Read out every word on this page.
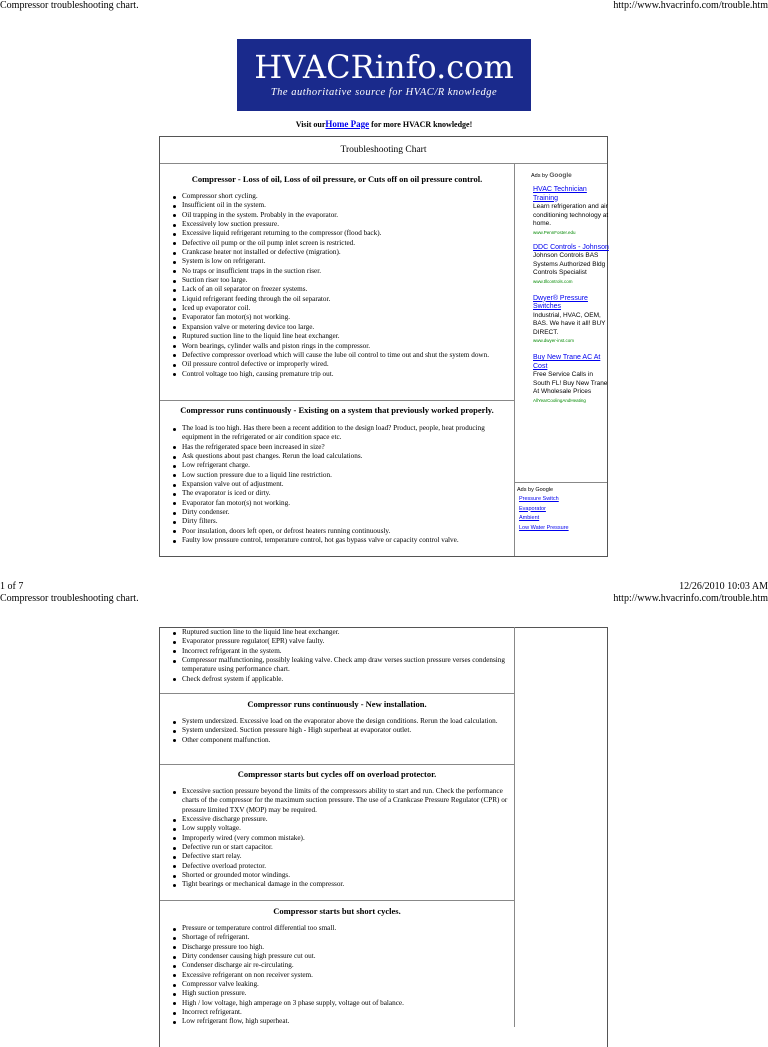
Compressor troubleshooting chart.	http://www.hvacrinfo.com/trouble.htm
HVACRinfo.com
The authoritative source for HVAC/R knowledge
Visit ourHome Page for more HVACR knowledge!
Troubleshooting Chart
Compressor - Loss of oil, Loss of oil pressure, or Cuts off on oil pressure control.
Compressor short cycling.
Insufficient oil in the system.
Oil trapping in the system. Probably in the evaporator.
Excessively low suction pressure.
Excessive liquid refrigerant returning to the compressor (flood back).
Defective oil pump or the oil pump inlet screen is restricted.
Crankcase heater not installed or defective (migration).
System is low on refrigerant.
No traps or insufficient traps in the suction riser.
Suction riser too large.
Lack of an oil separator on freezer systems.
Liquid refrigerant feeding through the oil separator.
Iced up evaporator coil.
Evaporator fan motor(s) not working.
Expansion valve or metering device too large.
Ruptured suction line to the liquid line heat exchanger.
Worn bearings, cylinder walls and piston rings in the compressor.
Defective compressor overload which will cause the lube oil control to time out and shut the system down.
Oil pressure control defective or improperly wired.
Control voltage too high, causing premature trip out.
Compressor runs continuously - Existing on a system that previously worked properly.
The load is too high. Has there been a recent addition to the design load? Product, people, heat producing equipment in the refrigerated or air condition space etc.
Has the refrigerated space been increased in size?
Ask questions about past changes. Rerun the load calculations.
Low refrigerant charge.
Low suction pressure due to a liquid line restriction.
Expansion valve out of adjustment.
The evaporator is iced or dirty.
Evaporator fan motor(s) not working.
Dirty condenser.
Dirty filters.
Poor insulation, doors left open, or defrost heaters running continuously.
Faulty low pressure control, temperature control, hot gas bypass valve or capacity control valve.
Ads by Google
HVAC Technician Training
Learn refrigeration and air conditioning technology at home.
www.PennFoster.edu
DDC Controls - Johnson
Johnson Controls BAS Systems Authorized Bldg Controls Specialist
www.tllcontrols.com
Dwyer® Pressure Switches
Industrial, HVAC, OEM, BAS. We have it all! BUY DIRECT.
www.dwyer-inst.com
Buy New Trane AC At Cost
Free Service Calls in South FL! Buy New Trane At Wholesale Prices
AllYearCoolingAndHeating
Ads by Google
Pressure Switch
Evaporator
Ambient
Low Water Pressure
1 of 7	12/26/2010 10:03 AM
Compressor troubleshooting chart.	http://www.hvacrinfo.com/trouble.htm
Ruptured suction line to the liquid line heat exchanger.
Evaporator pressure regulator( EPR) valve faulty.
Incorrect refrigerant in the system.
Compressor malfunctioning, possibly leaking valve. Check amp draw verses suction pressure verses condensing temperature using performance chart.
Check defrost system if applicable.
Compressor runs continuously - New installation.
System undersized. Excessive load on the evaporator above the design conditions. Rerun the load calculation.
System undersized. Suction pressure high - High superheat at evaporator outlet.
Other component malfunction.
Compressor starts but cycles off on overload protector.
Excessive suction pressure beyond the limits of the compressors ability to start and run. Check the performance charts of the compressor for the maximum suction pressure. The use of a Crankcase Pressure Regulator (CPR) or pressure limited TXV (MOP) may be required.
Excessive discharge pressure.
Low supply voltage.
Improperly wired (very common mistake).
Defective run or start capacitor.
Defective start relay.
Defective overload protector.
Shorted or grounded motor windings.
Tight bearings or mechanical damage in the compressor.
Compressor starts but short cycles.
Pressure or temperature control differential too small.
Shortage of refrigerant.
Discharge pressure too high.
Dirty condenser causing high pressure cut out.
Condenser discharge air re-circulating.
Excessive refrigerant on non receiver system.
Compressor valve leaking.
High suction pressure.
High / low voltage, high amperage on 3 phase supply, voltage out of balance.
Incorrect refrigerant.
Low refrigerant flow, high superheat.
